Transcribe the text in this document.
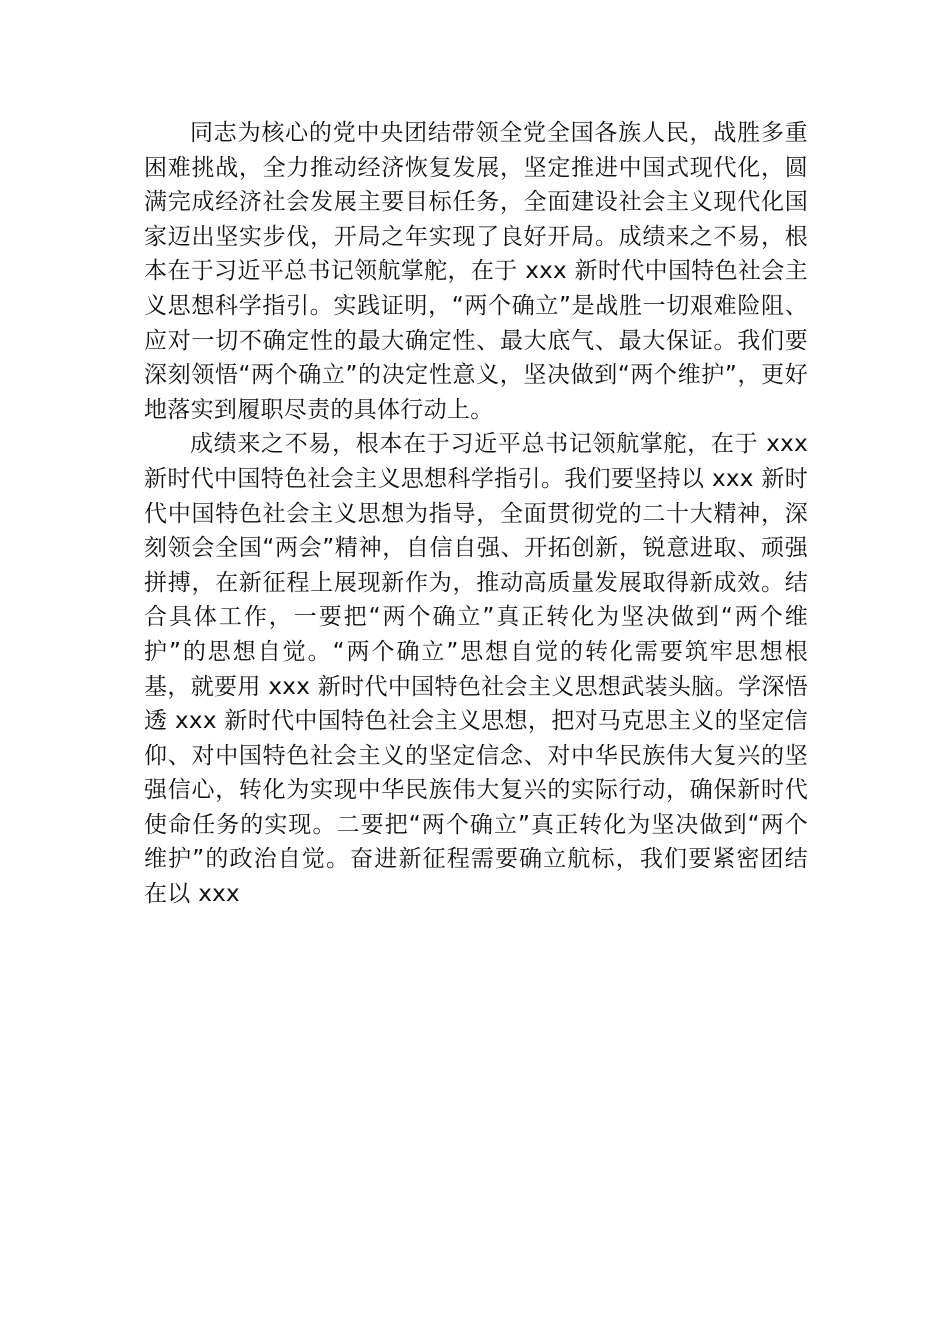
同志为核心的党中央团结带领全党全国各族人民，战胜多重困难挑战，全力推动经济恢复发展，坚定推进中国式现代化，圆满完成经济社会发展主要目标任务，全面建设社会主义现代化国家迈出坚实步伐，开局之年实现了良好开局。成绩来之不易，根本在于习近平总书记领航掌舵，在于 xxx 新时代中国特色社会主义思想科学指引。实践证明，“两个确立”是战胜一切艰难险阻、应对一切不确定性的最大确定性、最大底气、最大保证。我们要深刻领悟“两个确立”的决定性意义，坚决做到“两个维护”，更好地落实到履职尽责的具体行动上。

成绩来之不易，根本在于习近平总书记领航掌舵，在于 xxx 新时代中国特色社会主义思想科学指引。我们要坚持以 xxx 新时代中国特色社会主义思想为指导，全面贯彻党的二十大精神，深刻领会全国“两会”精神，自信自强、开拓创新，锐意进取、顽强拼搏，在新征程上展现新作为，推动高质量发展取得新成效。结合具体工作，一要把“两个确立”真正转化为坚决做到“两个维护”的思想自觉。“两个确立”思想自觉的转化需要筑牢思想根基，就要用 xxx 新时代中国特色社会主义思想武装头脑。学深悟透 xxx 新时代中国特色社会主义思想，把对马克思主义的坚定信仰、对中国特色社会主义的坚定信念、对中华民族伟大复兴的坚强信心，转化为实现中华民族伟大复兴的实际行动，确保新时代使命任务的实现。二要把“两个确立”真正转化为坚决做到“两个维护”的政治自觉。奋进新征程需要确立航标，我们要紧密团结在以 xxx
